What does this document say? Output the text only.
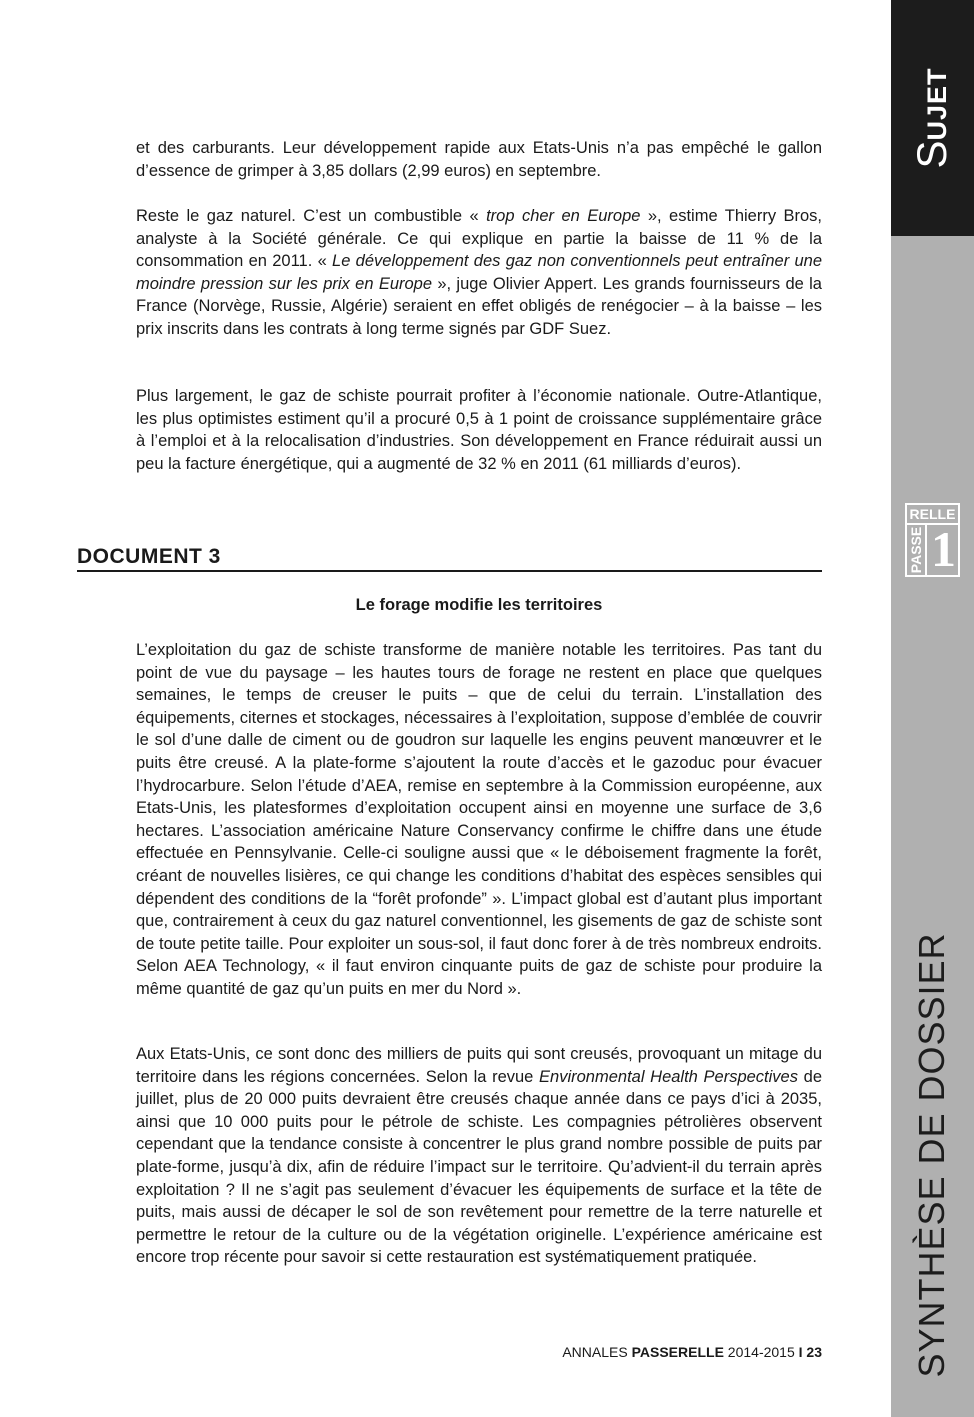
SUJET
RELLE
PASSE 1
SYNTHÈSE DE DOSSIER

et des carburants. Leur développement rapide aux Etats-Unis n’a pas empêché le gallon d’essence de grimper à 3,85 dollars (2,99 euros) en septembre.

Reste le gaz naturel. C’est un combustible « trop cher en Europe », estime Thierry Bros, analyste à la Société générale. Ce qui explique en partie la baisse de 11 % de la consommation en 2011. « Le développement des gaz non conventionnels peut entraîner une moindre pression sur les prix en Europe », juge Olivier Appert. Les grands fournisseurs de la France (Norvège, Russie, Algérie) seraient en effet obligés de renégocier – à la baisse – les prix inscrits dans les contrats à long terme signés par GDF Suez.

Plus largement, le gaz de schiste pourrait profiter à l’économie nationale. Outre-Atlantique, les plus optimistes estiment qu’il a procuré 0,5 à 1 point de croissance supplémentaire grâce à l’emploi et à la relocalisation d’industries. Son développement en France réduirait aussi un peu la facture énergétique, qui a augmenté de 32 % en 2011 (61 milliards d’euros).

DOCUMENT 3
Le forage modifie les territoires

L’exploitation du gaz de schiste transforme de manière notable les territoires. Pas tant du point de vue du paysage – les hautes tours de forage ne restent en place que quelques semaines, le temps de creuser le puits – que de celui du terrain. L’installation des équipements, citernes et stockages, nécessaires à l’exploitation, suppose d’emblée de couvrir le sol d’une dalle de ciment ou de goudron sur laquelle les engins peuvent manœuvrer et le puits être creusé. A la plate-forme s’ajoutent la route d’accès et le gazoduc pour évacuer l’hydrocarbure. Selon l’étude d’AEA, remise en septembre à la Commission européenne, aux Etats-Unis, les platesformes d’exploitation occupent ainsi en moyenne une surface de 3,6 hectares. L’association américaine Nature Conservancy confirme le chiffre dans une étude effectuée en Pennsylvanie. Celle-ci souligne aussi que « le déboisement fragmente la forêt, créant de nouvelles lisières, ce qui change les conditions d’habitat des espèces sensibles qui dépendent des conditions de la “forêt profonde” ». L’impact global est d’autant plus important que, contrairement à ceux du gaz naturel conventionnel, les gisements de gaz de schiste sont de toute petite taille. Pour exploiter un sous-sol, il faut donc forer à de très nombreux endroits. Selon AEA Technology, « il faut environ cinquante puits de gaz de schiste pour produire la même quantité de gaz qu’un puits en mer du Nord ».

Aux Etats-Unis, ce sont donc des milliers de puits qui sont creusés, provoquant un mitage du territoire dans les régions concernées. Selon la revue Environmental Health Perspectives de juillet, plus de 20 000 puits devraient être creusés chaque année dans ce pays d’ici à 2035, ainsi que 10 000 puits pour le pétrole de schiste. Les compagnies pétrolières observent cependant que la tendance consiste à concentrer le plus grand nombre possible de puits par plate-forme, jusqu’à dix, afin de réduire l’impact sur le territoire. Qu’advient-il du terrain après exploitation ? Il ne s’agit pas seulement d’évacuer les équipements de surface et la tête de puits, mais aussi de décaper le sol de son revêtement pour remettre de la terre naturelle et permettre le retour de la culture ou de la végétation originelle. L’expérience américaine est encore trop récente pour savoir si cette restauration est systématiquement pratiquée.

ANNALES PASSERELLE 2014-2015 I 23
